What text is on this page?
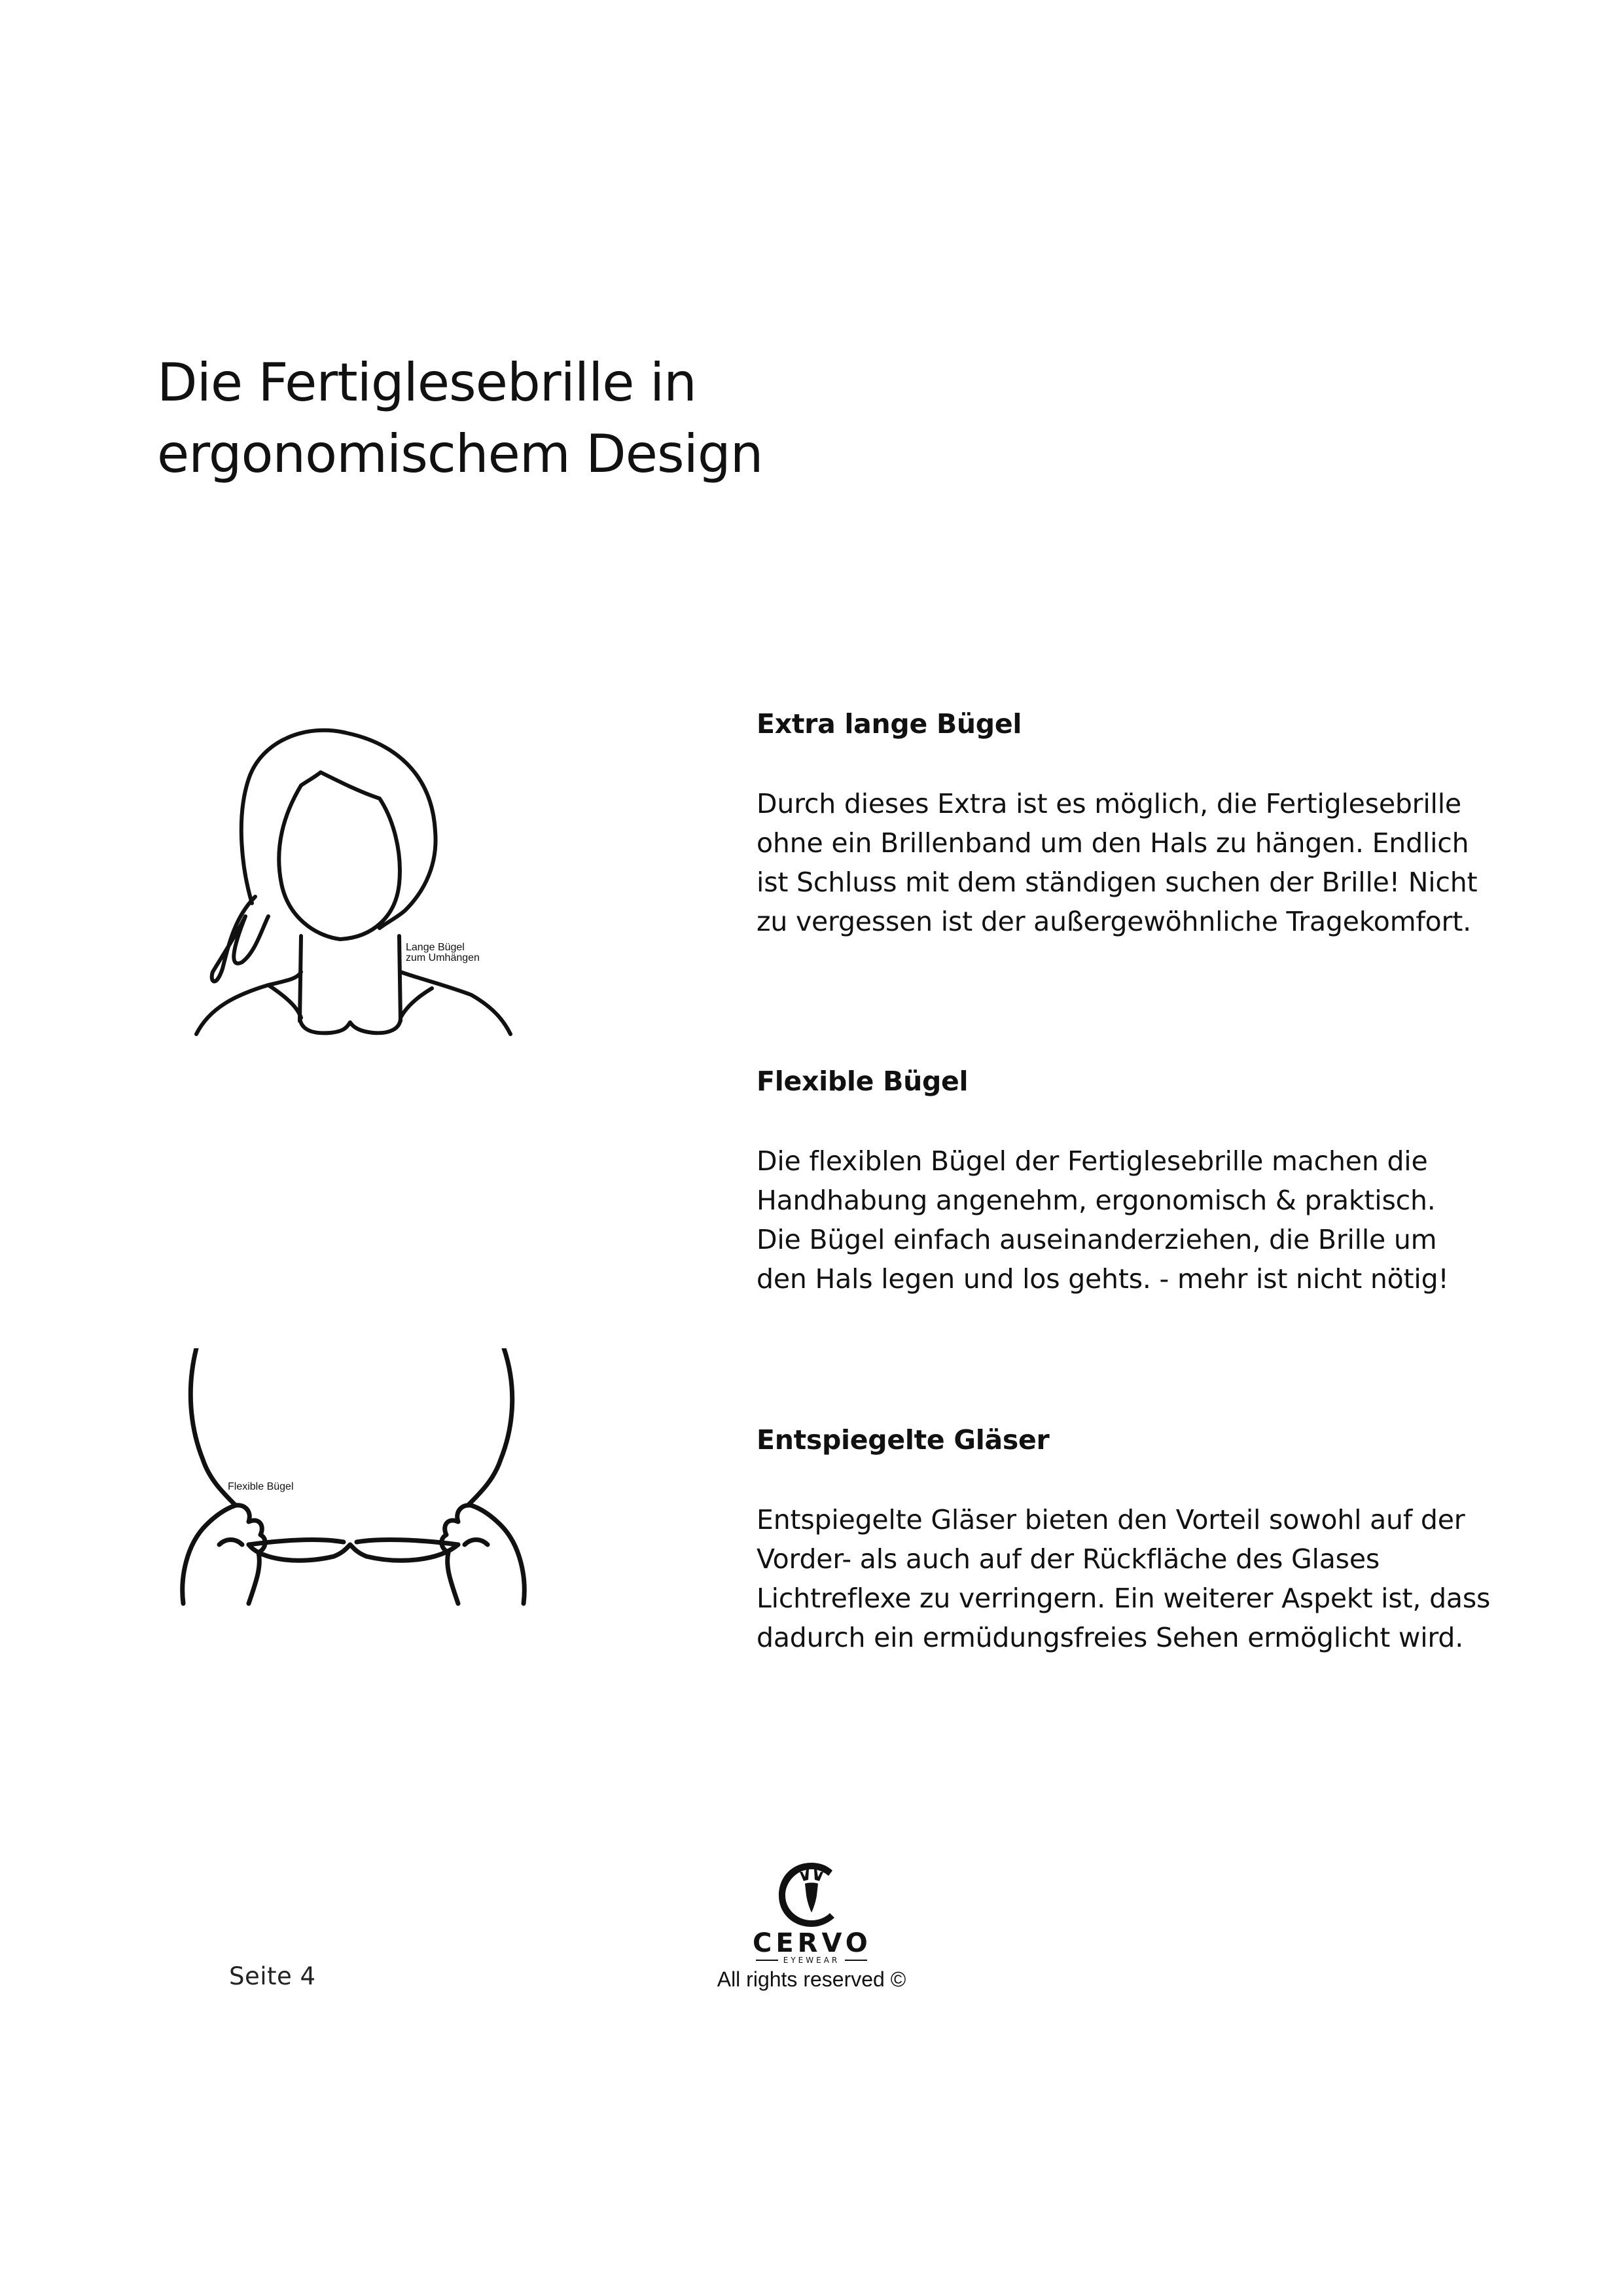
Die Fertiglesebrille in
ergonomischem Design
Lange Bügel
zum Umhängen
Flexible Bügel
Extra lange Bügel

Durch dieses Extra ist es möglich, die Fertiglesebrille
ohne ein Brillenband um den Hals zu hängen. Endlich
ist Schluss mit dem ständigen suchen der Brille! Nicht
zu vergessen ist der außergewöhnliche Tragekomfort.

Flexible Bügel

Die flexiblen Bügel der Fertiglesebrille machen die
Handhabung angenehm, ergonomisch & praktisch.
Die Bügel einfach auseinanderziehen, die Brille um
den Hals legen und los gehts. - mehr ist nicht nötig!

Entspiegelte Gläser

Entspiegelte Gläser bieten den Vorteil sowohl auf der
Vorder- als auch auf der Rückfläche des Glases
Lichtreflexe zu verringern. Ein weiterer Aspekt ist, dass
dadurch ein ermüdungsfreies Sehen ermöglicht wird.

CERVO
EYEWEAR
Seite 4	All rights reserved ©
